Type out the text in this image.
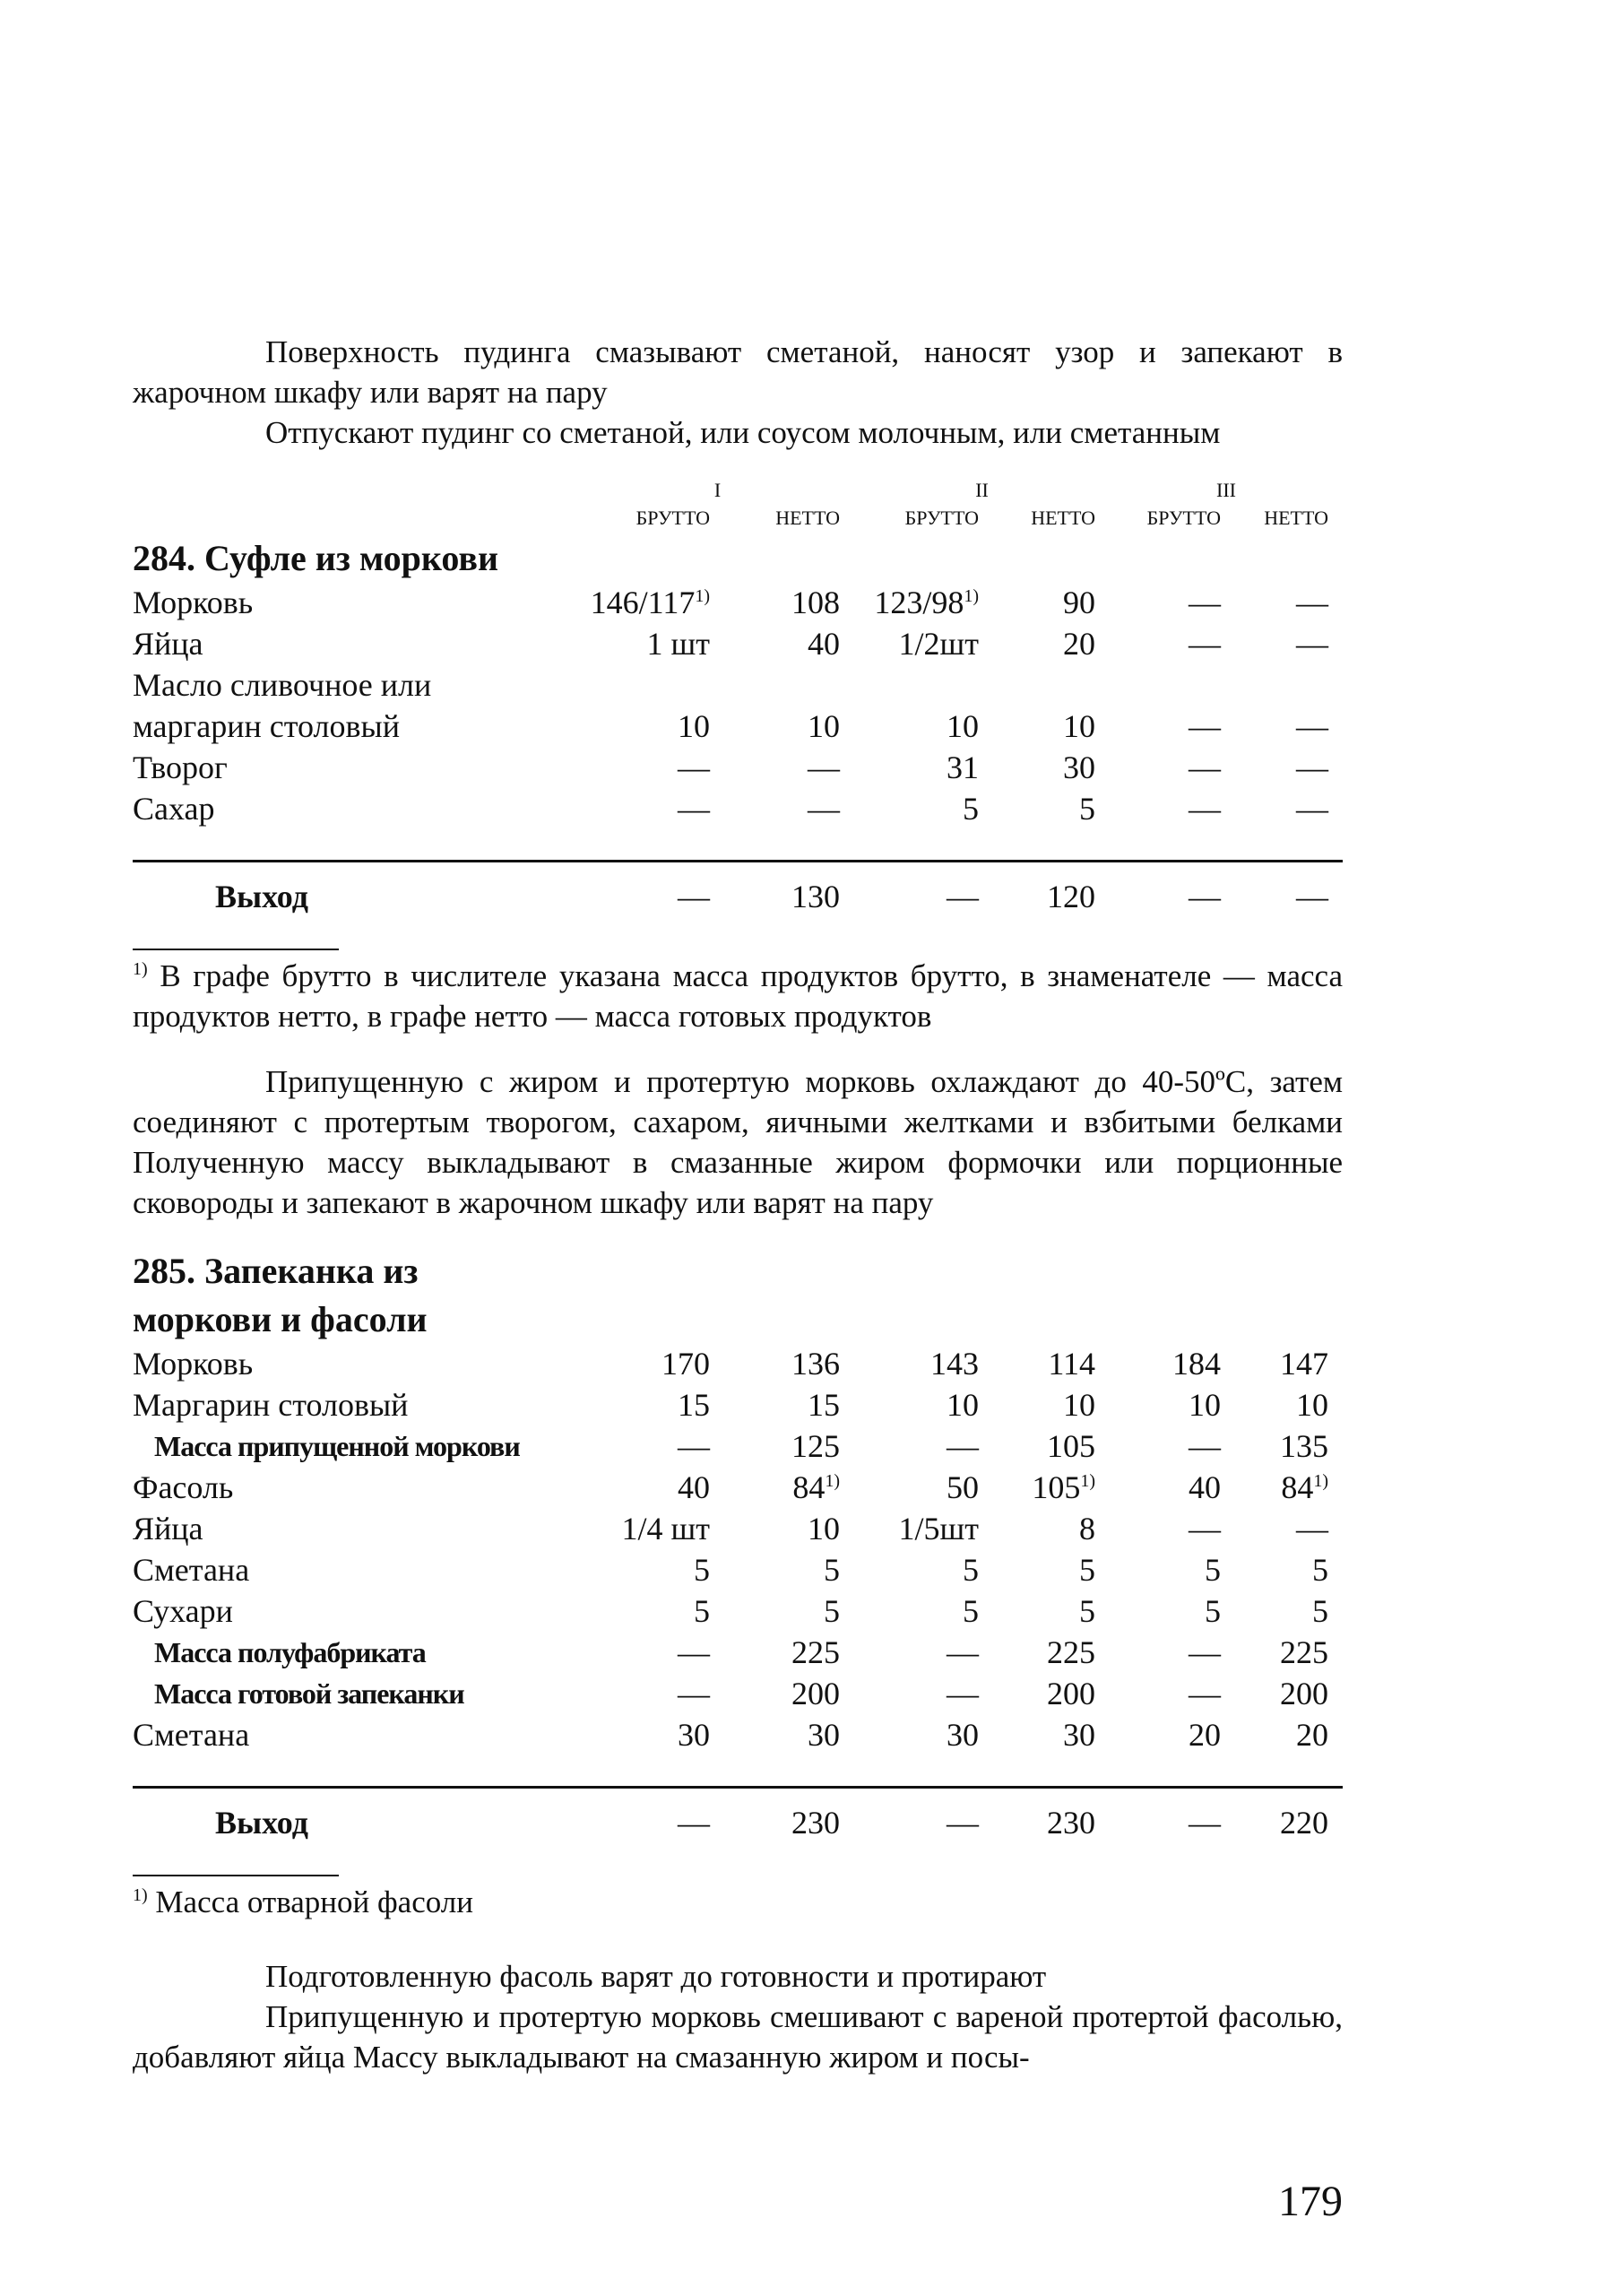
Поверхность пудинга смазывают сметаной, наносят узор и запекают в жарочном шкафу или варят на пару

Отпускают пудинг со сметаной, или соусом молочным, или сметанным

	I		II		III	
	БРУТТО	НЕТТО	БРУТТО	НЕТТО	БРУТТО	НЕТТО
284. Суфле из моркови						
Морковь	146/117$^{1)}$	108	123/98$^{1)}$	90	—	—
Яйца	1 шт	40	1/2шт	20	—	—
Масло сливочное или						
маргарин столовый	10	10	10	10	—	—
Творог	—	—	31	30	—	—
Сахар	—	—	5	5	—	—

Выход	—	130	—	120	—	—

$^{1)}$ В графе брутто в числителе указана масса продуктов брутто, в знаменателе — масса продуктов нетто, в графе нетто — масса готовых продуктов

Припущенную с жиром и протертую морковь охлаждают до 40-50ºС, затем соединяют с протертым творогом, сахаром, яичными желтками и взбитыми белками Полученную массу выкладывают в смазанные жиром формочки или порционные сковороды и запекают в жарочном шкафу или варят на пару

285. Запеканка из						
моркови и фасоли						
Морковь	170	136	143	114	184	147
Маргарин столовый	15	15	10	10	10	10
Масса припущенной моркови	—	125	—	105	—	135
Фасоль	40	84$^{1)}$	50	105$^{1)}$	40	84$^{1)}$
Яйца	1/4 шт	10	1/5шт	8	—	—
Сметана	5	5	5	5	5	5
Сухари	5	5	5	5	5	5
Масса полуфабриката	—	225	—	225	—	225
Масса готовой запеканки	—	200	—	200	—	200
Сметана	30	30	30	30	20	20

Выход	—	230	—	230	—	220

$^{1)}$ Масса отварной фасоли

Подготовленную фасоль варят до готовности и протирают

Припущенную и протертую морковь смешивают с вареной протертой фасолью, добавляют яйца Массу выкладывают на смазанную жиром и посы-

179
